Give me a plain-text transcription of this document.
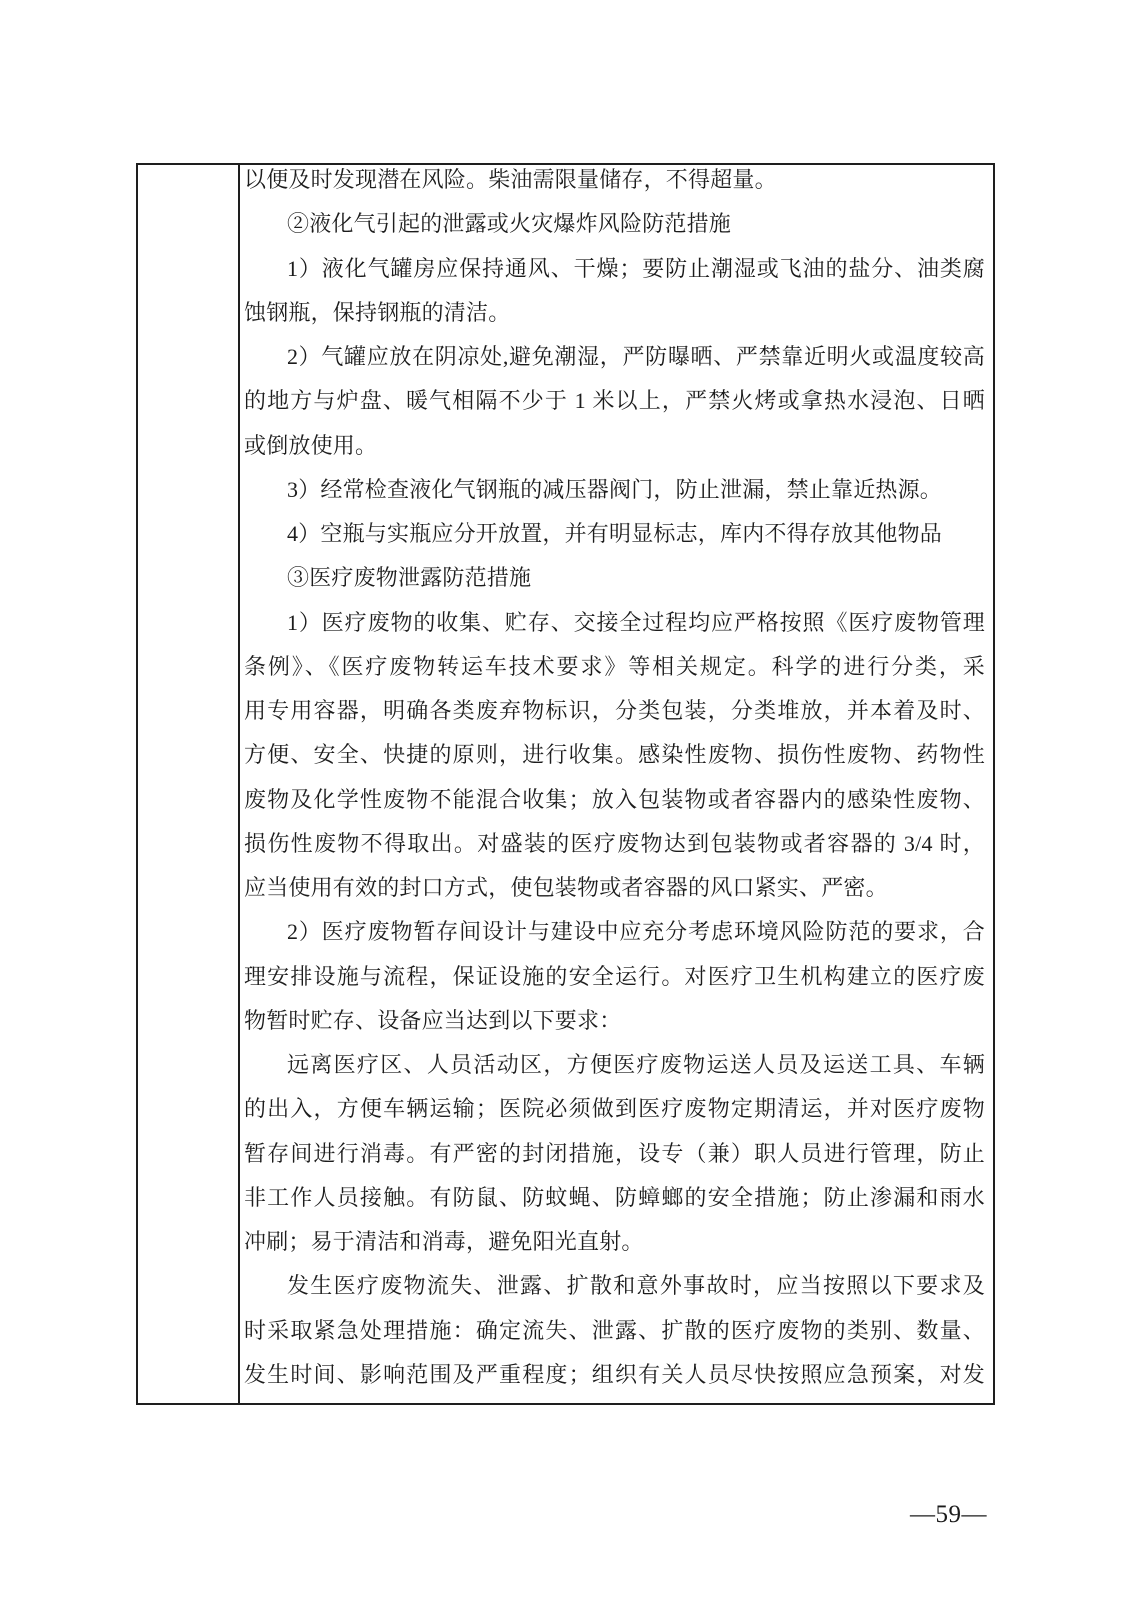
以便及时发现潜在风险。柴油需限量储存，不得超量。
②液化气引起的泄露或火灾爆炸风险防范措施
1）液化气罐房应保持通风、干燥；要防止潮湿或飞油的盐分、油类腐
蚀钢瓶，保持钢瓶的清洁。
2）气罐应放在阴凉处,避免潮湿，严防曝晒、严禁靠近明火或温度较高
的地方与炉盘、暖气相隔不少于 1 米以上，严禁火烤或拿热水浸泡、日晒
或倒放使用。
3）经常检查液化气钢瓶的减压器阀门，防止泄漏，禁止靠近热源。
4）空瓶与实瓶应分开放置，并有明显标志，库内不得存放其他物品
③医疗废物泄露防范措施
1）医疗废物的收集、贮存、交接全过程均应严格按照《医疗废物管理
条例》、《医疗废物转运车技术要求》等相关规定。科学的进行分类，采
用专用容器，明确各类废弃物标识，分类包装，分类堆放，并本着及时、
方便、安全、快捷的原则，进行收集。感染性废物、损伤性废物、药物性
废物及化学性废物不能混合收集；放入包装物或者容器内的感染性废物、
损伤性废物不得取出。对盛装的医疗废物达到包装物或者容器的 3/4 时，
应当使用有效的封口方式，使包装物或者容器的风口紧实、严密。
2）医疗废物暂存间设计与建设中应充分考虑环境风险防范的要求，合
理安排设施与流程，保证设施的安全运行。对医疗卫生机构建立的医疗废
物暂时贮存、设备应当达到以下要求：
远离医疗区、人员活动区，方便医疗废物运送人员及运送工具、车辆
的出入，方便车辆运输；医院必须做到医疗废物定期清运，并对医疗废物
暂存间进行消毒。有严密的封闭措施，设专（兼）职人员进行管理，防止
非工作人员接触。有防鼠、防蚊蝇、防蟑螂的安全措施；防止渗漏和雨水
冲刷；易于清洁和消毒，避免阳光直射。
发生医疗废物流失、泄露、扩散和意外事故时，应当按照以下要求及
时采取紧急处理措施：确定流失、泄露、扩散的医疗废物的类别、数量、
发生时间、影响范围及严重程度；组织有关人员尽快按照应急预案，对发
—59—
